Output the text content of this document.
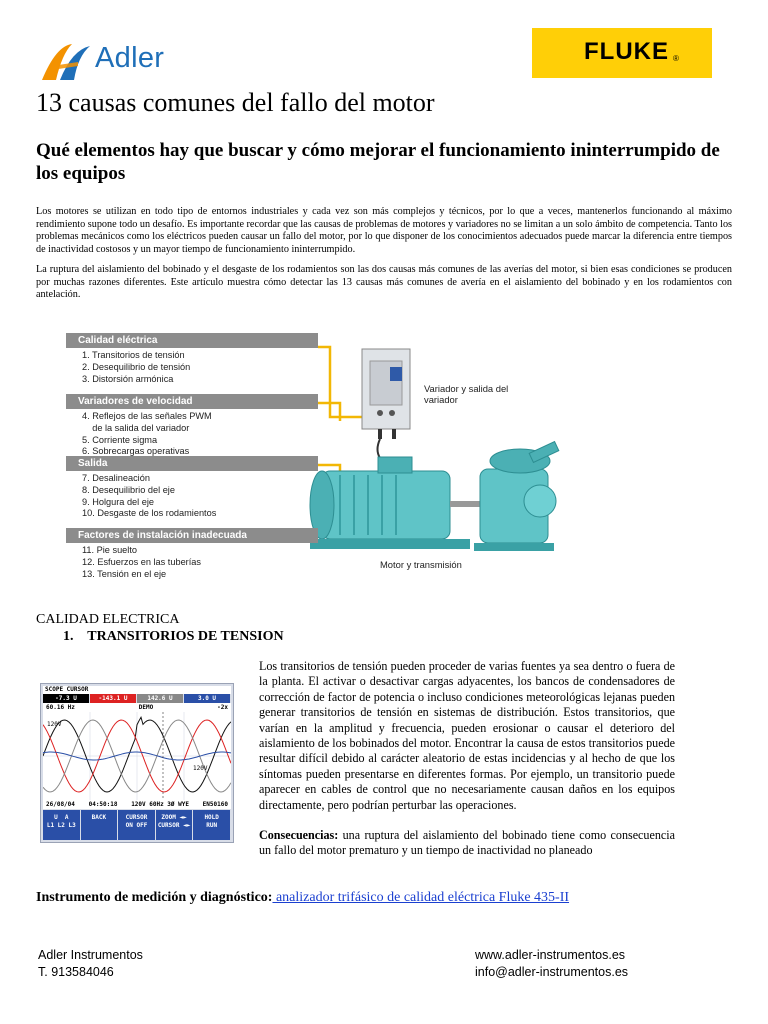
Adler	FLUKE ®
13 causas comunes del fallo del motor
Qué elementos hay que buscar y cómo mejorar el funcionamiento ininterrumpido de los equipos

Los motores se utilizan en todo tipo de entornos industriales y cada vez son más complejos y técnicos, por lo que a veces, mantenerlos funcionando al máximo rendimiento supone todo un desafío. Es importante recordar que las causas de problemas de motores y variadores no se limitan a un solo ámbito de competencia. Tanto los problemas mecánicos como los eléctricos pueden causar un fallo del motor, por lo que disponer de los conocimientos adecuados puede marcar la diferencia entre tiempos de inactividad costosos y un mayor tiempo de funcionamiento ininterrumpido.

La ruptura del aislamiento del bobinado y el desgaste de los rodamientos son las dos causas más comunes de las averías del motor, si bien esas condiciones se producen por muchas razones diferentes. Este artículo muestra cómo detectar las 13 causas más comunes de avería en el aislamiento del bobinado y en los rodamientos con antelación.

Calidad eléctrica
1. Transitorios de tensión
2. Desequilibrio de tensión
3. Distorsión armónica
Variadores de velocidad
4. Reflejos de las señales PWM
de la salida del variador
5. Corriente sigma
6. Sobrecargas operativas
Salida
7. Desalineación
8. Desequilibrio del eje
9. Holgura del eje
10. Desgaste de los rodamientos
Factores de instalación inadecuada
11. Pie suelto
12. Esfuerzos en las tuberías
13. Tensión en el eje
Variador y salida del variador
Motor y transmisión

CALIDAD ELECTRICA

1. TRANSITORIOS DE TENSION

SCOPE CURSOR
-7.3 U	-143.1 U	142.6 U	3.0 U
60.16 Hz	DEMO	-2x
120V
120V
26/08/04 04:50:18 120V 60Hz 3Ø WYE EN50160
U  A
L1 L2 L3
BACK	CURSOR
ON OFF
ZOOM ◄►
CURSOR ◄►
HOLD
RUN

Los transitorios de tensión pueden proceder de varias fuentes ya sea dentro o fuera de la planta. El activar o desactivar cargas adyacentes, los bancos de condensadores de corrección de factor de potencia o incluso condiciones meteorológicas lejanas pueden generar transitorios de tensión en sistemas de distribución. Estos transitorios, que varían en la amplitud y frecuencia, pueden erosionar o causar el deterioro del aislamiento de los bobinados del motor. Encontrar la causa de estos transitorios puede resultar difícil debido al carácter aleatorio de estas incidencias y al hecho de que los síntomas pueden presentarse en diferentes formas. Por ejemplo, un transitorio puede aparecer en cables de control que no necesariamente causan daños en los equipos directamente, pero podrían perturbar las operaciones.

Consecuencias: una ruptura del aislamiento del bobinado tiene como consecuencia un fallo del motor prematuro y un tiempo de inactividad no planeado

Instrumento de medición y diagnóstico: analizador trifásico de calidad eléctrica Fluke 435-II

Adler Instrumentos
T. 913584046
www.adler-instrumentos.es
info@adler-instrumentos.es
